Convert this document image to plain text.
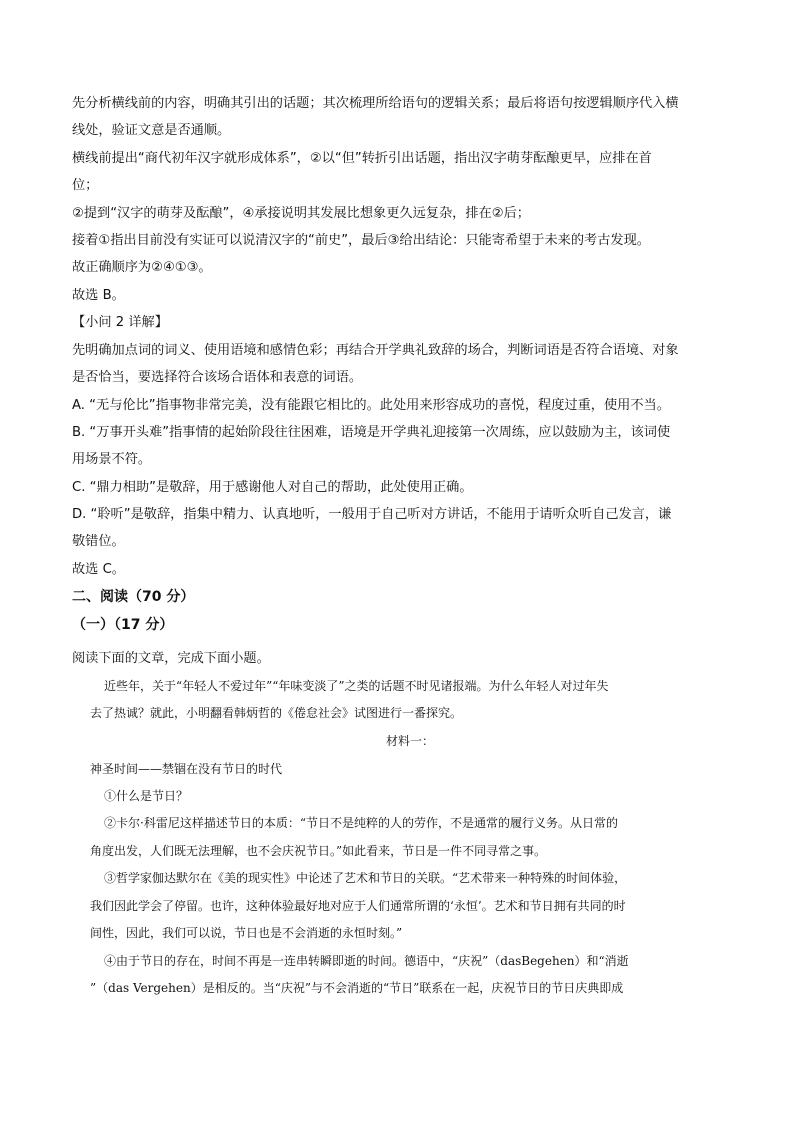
先分析横线前的内容，明确其引出的话题；其次梳理所给语句的逻辑关系；最后将语句按逻辑顺序代入横
线处，验证文意是否通顺。
横线前提出“商代初年汉字就形成体系”，②以“但”转折引出话题，指出汉字萌芽酝酿更早，应排在首
位；
②提到“汉字的萌芽及酝酿”，④承接说明其发展比想象更久远复杂，排在②后；
接着①指出目前没有实证可以说清汉字的“前史”，最后③给出结论：只能寄希望于未来的考古发现。
故正确顺序为②④①③。
故选 B。
【小问 2 详解】
先明确加点词的词义、使用语境和感情色彩；再结合开学典礼致辞的场合，判断词语是否符合语境、对象
是否恰当，要选择符合该场合语体和表意的词语。
A. “无与伦比”指事物非常完美，没有能跟它相比的。此处用来形容成功的喜悦，程度过重，使用不当。
B. “万事开头难”指事情的起始阶段往往困难，语境是开学典礼迎接第一次周练，应以鼓励为主，该词使
用场景不符。
C. “鼎力相助”是敬辞，用于感谢他人对自己的帮助，此处使用正确。
D. “聆听”是敬辞，指集中精力、认真地听，一般用于自己听对方讲话，不能用于请听众听自己发言，谦
敬错位。
故选 C。
二、阅读（70 分）
（一）（17 分）
阅读下面的文章，完成下面小题。
近些年，关于“年轻人不爱过年”“年味变淡了”之类的话题不时见诸报端。为什么年轻人对过年失
去了热诚？就此，小明翻看韩炳哲的《倦怠社会》试图进行一番探究。
材料一：
神圣时间——禁锢在没有节日的时代
①什么是节日？
②卡尔·科雷尼这样描述节日的本质：“节日不是纯粹的人的劳作，不是通常的履行义务。从日常的
角度出发，人们既无法理解，也不会庆祝节日。”如此看来，节日是一件不同寻常之事。
③哲学家伽达默尔在《美的现实性》中论述了艺术和节日的关联。“艺术带来一种特殊的时间体验，
我们因此学会了停留。也许，这种体验最好地对应于人们通常所谓的‘永恒’。艺术和节日拥有共同的时
间性，因此，我们可以说，节日也是不会消逝的永恒时刻。”
④由于节日的存在，时间不再是一连串转瞬即逝的时间。德语中，“庆祝”（dasBegehen）和“消逝
”（das Vergehen）是相反的。当“庆祝”与不会消逝的“节日”联系在一起，庆祝节日的节日庆典即成
